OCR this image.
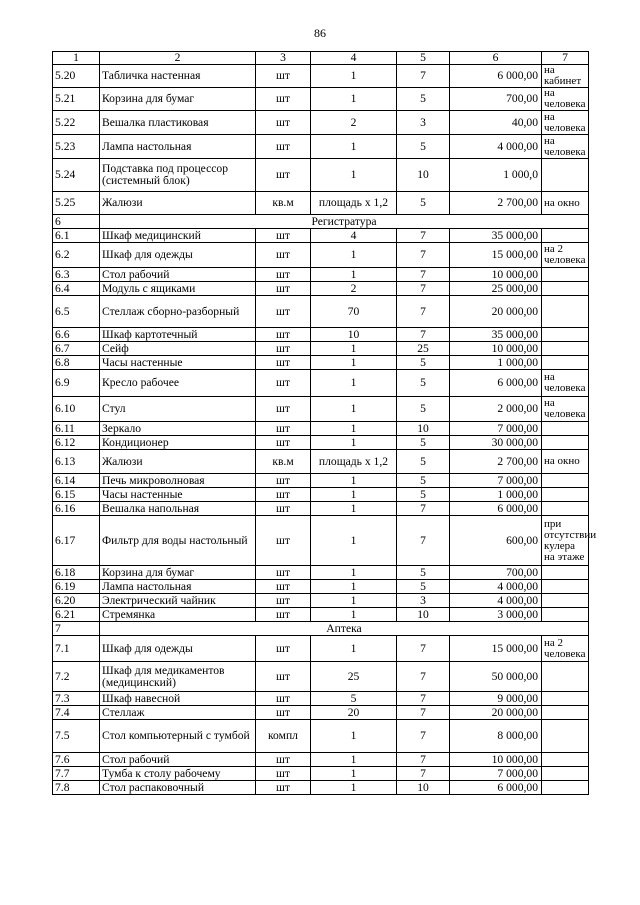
86
1	2	3	4	5	6	7
5.20	Табличка настенная	шт	1	7	6 000,00	на кабинет
5.21	Корзина для бумаг	шт	1	5	700,00	на человека
5.22	Вешалка пластиковая	шт	2	3	40,00	на человека
5.23	Лампа настольная	шт	1	5	4 000,00	на человека
5.24	Подставка под процессор (системный блок)	шт	1	10	1 000,0	
5.25	Жалюзи	кв.м	площадь х 1,2	5	2 700,00	на окно
6	Регистратура					
6.1	Шкаф медицинский	шт	4	7	35 000,00	
6.2	Шкаф для одежды	шт	1	7	15 000,00	на 2 человека
6.3	Стол рабочий	шт	1	7	10 000,00	
6.4	Модуль с ящиками	шт	2	7	25 000,00	
6.5	Стеллаж сборно-разборный	шт	70	7	20 000,00	
6.6	Шкаф картотечный	шт	10	7	35 000,00	
6.7	Сейф	шт	1	25	10 000,00	
6.8	Часы настенные	шт	1	5	1 000,00	
6.9	Кресло рабочее	шт	1	5	6 000,00	на человека
6.10	Стул	шт	1	5	2 000,00	на человека
6.11	Зеркало	шт	1	10	7 000,00	
6.12	Кондиционер	шт	1	5	30 000,00	
6.13	Жалюзи	кв.м	площадь х 1,2	5	2 700,00	на окно
6.14	Печь микроволновая	шт	1	5	7 000,00	
6.15	Часы настенные	шт	1	5	1 000,00	
6.16	Вешалка напольная	шт	1	7	6 000,00	
6.17	Фильтр для воды настольный	шт	1	7	600,00	при отсутствии кулера на этаже
6.18	Корзина для бумаг	шт	1	5	700,00	
6.19	Лампа настольная	шт	1	5	4 000,00	
6.20	Электрический чайник	шт	1	3	4 000,00	
6.21	Стремянка	шт	1	10	3 000,00	
7	Аптека					
7.1	Шкаф для одежды	шт	1	7	15 000,00	на 2 человека
7.2	Шкаф для медикаментов (медицинский)	шт	25	7	50 000,00	
7.3	Шкаф навесной	шт	5	7	9 000,00	
7.4	Стеллаж	шт	20	7	20 000,00	
7.5	Стол компьютерный с тумбой	компл	1	7	8 000,00	
7.6	Стол рабочий	шт	1	7	10 000,00	
7.7	Тумба к столу рабочему	шт	1	7	7 000,00	
7.8	Стол распаковочный	шт	1	10	6 000,00	
